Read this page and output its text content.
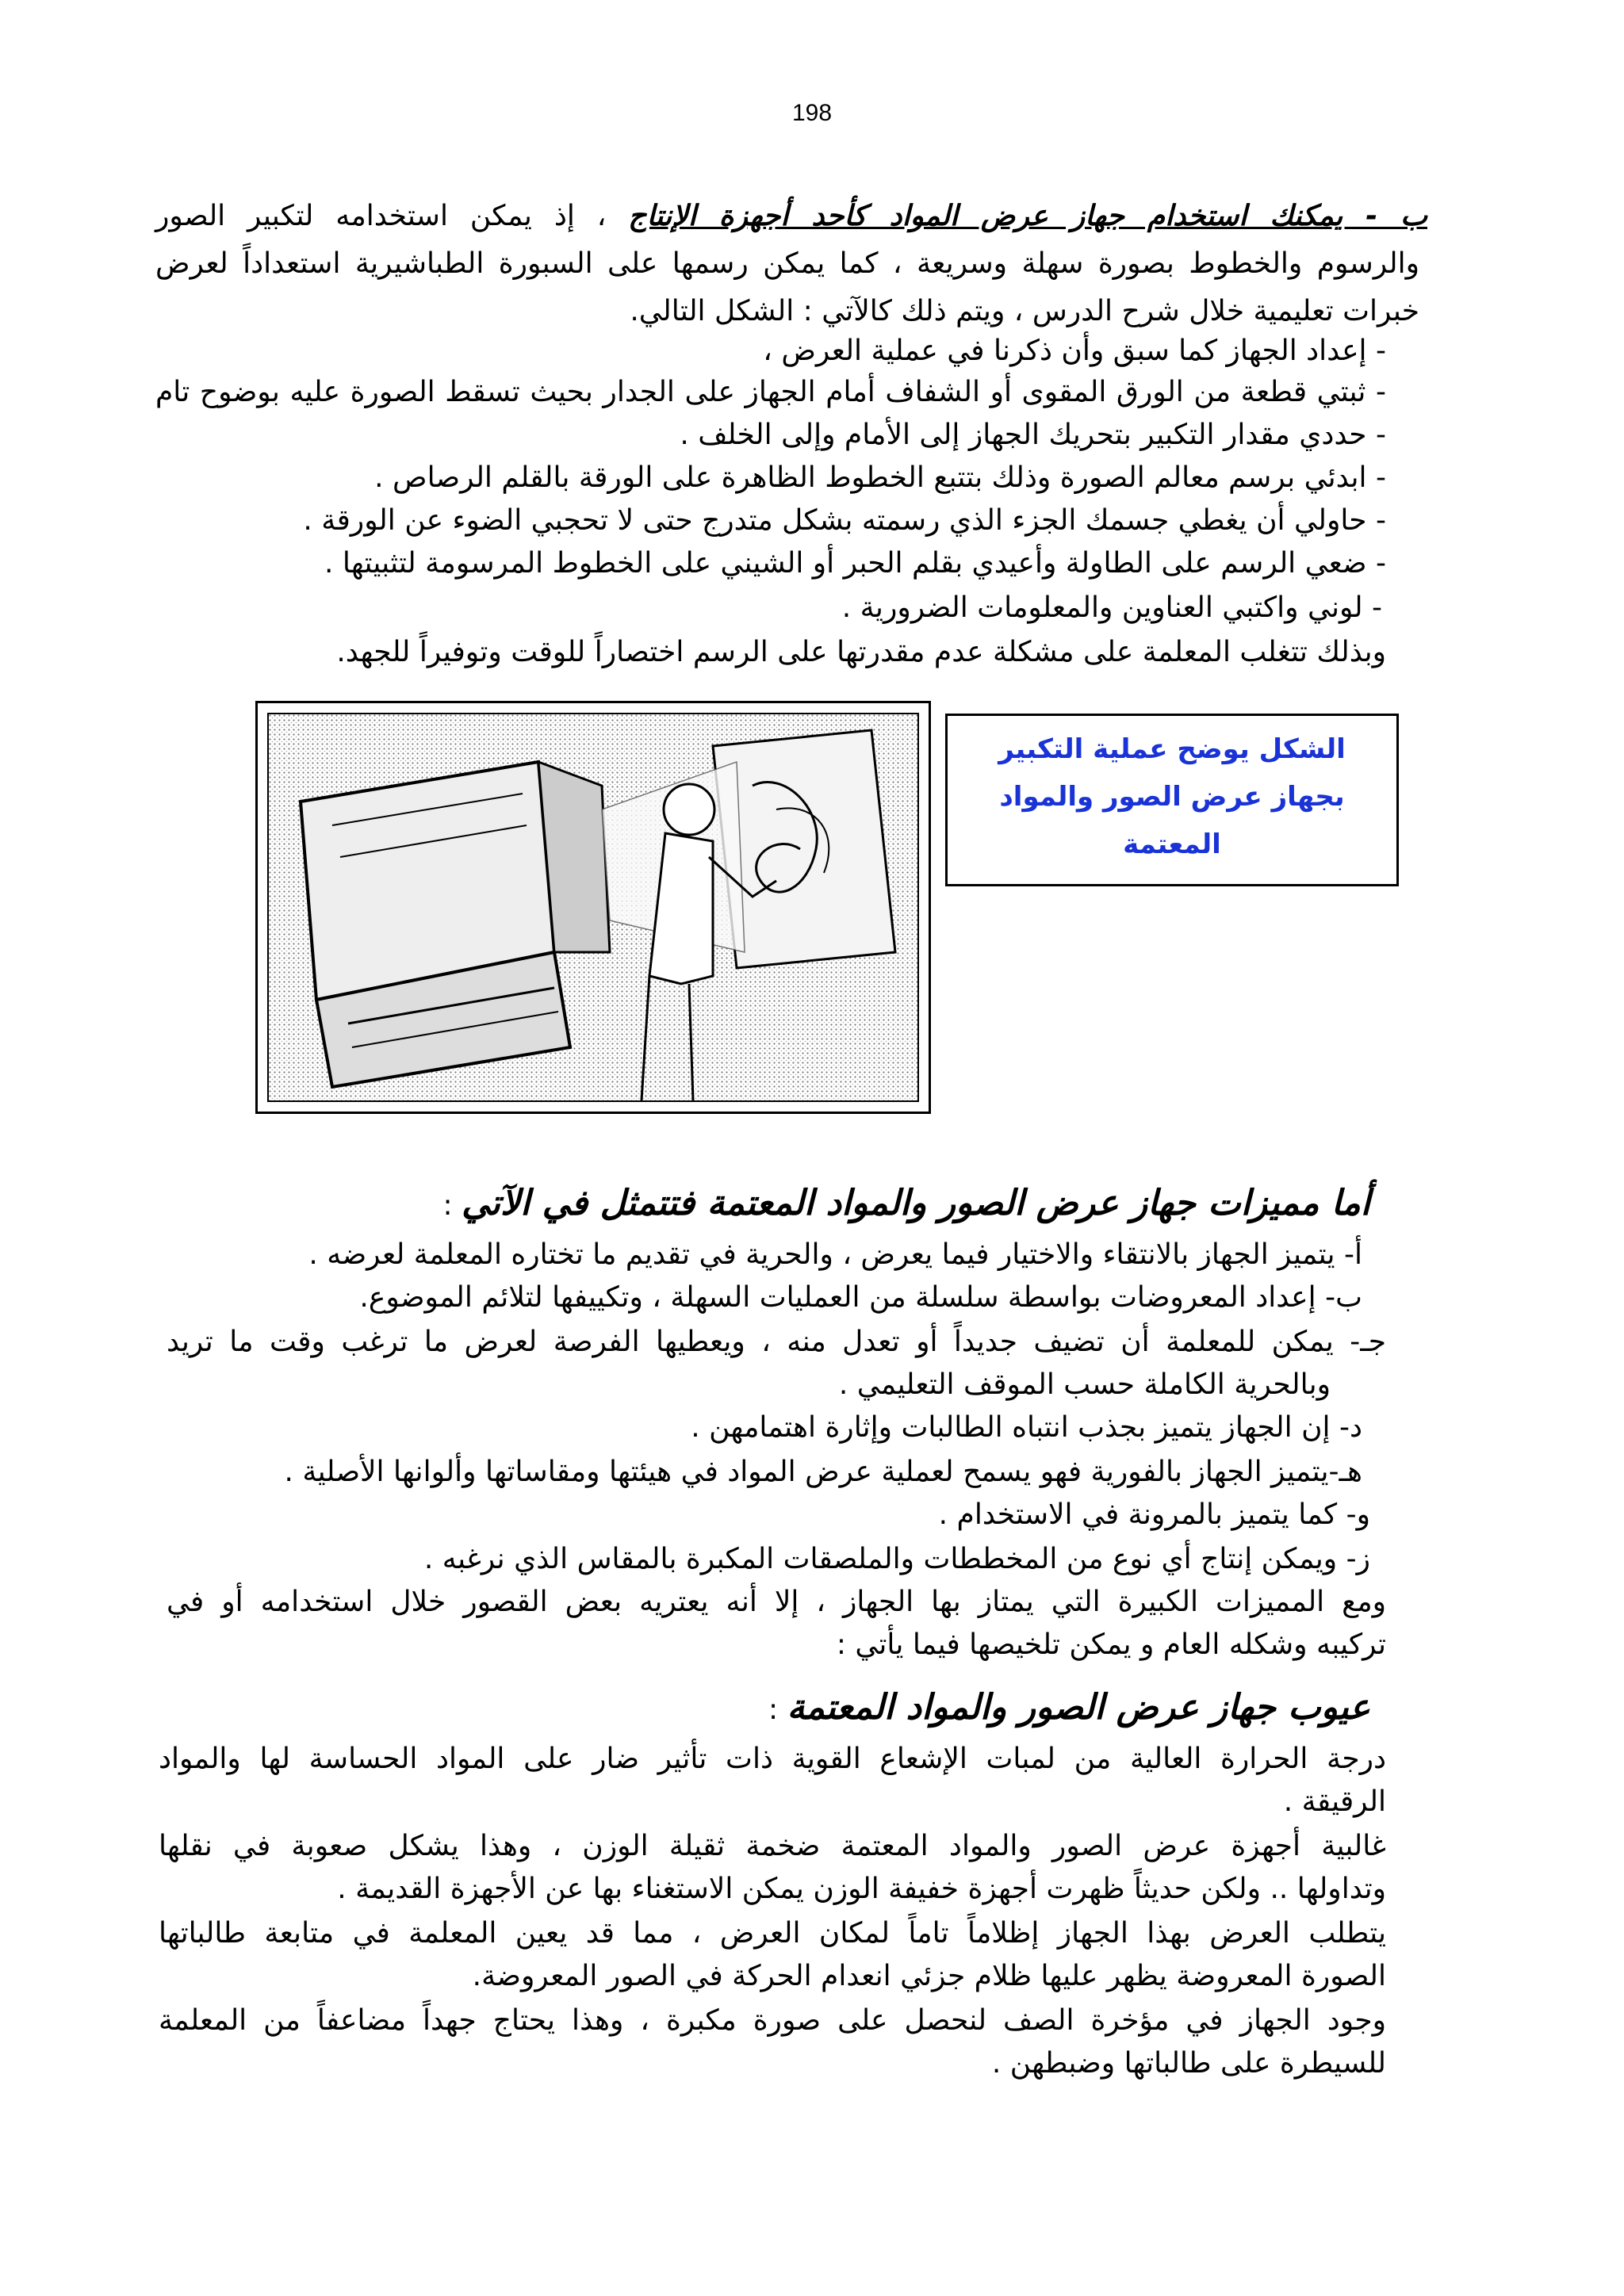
198
ب - يمكنك استخدام جهاز عرض المواد كأحد أجهزة الإنتاج ، إذ يمكن استخدامه لتكبير الصور
والرسوم والخطوط بصورة سهلة وسريعة ، كما يمكن رسمها على السبورة الطباشيرية استعداداً لعرض
خبرات تعليمية خلال شرح الدرس ، ويتم ذلك كالآتي : الشكل التالي.
- إعداد الجهاز كما سبق وأن ذكرنا في عملية العرض ،
- ثبتي قطعة من الورق المقوى أو الشفاف أمام الجهاز على الجدار بحيث تسقط الصورة عليه بوضوح تام
- حددي مقدار التكبير بتحريك الجهاز إلى الأمام وإلى الخلف .
- ابدئي برسم معالم الصورة وذلك بتتبع الخطوط الظاهرة على الورقة بالقلم الرصاص .
- حاولي أن يغطي جسمك الجزء الذي رسمته بشكل متدرج حتى لا تحجبي الضوء عن الورقة .
- ضعي الرسم على الطاولة وأعيدي بقلم الحبر أو الشيني على الخطوط المرسومة لتثبيتها .
- لوني واكتبي العناوين والمعلومات الضرورية .
وبذلك تتغلب المعلمة على مشكلة عدم مقدرتها على الرسم اختصاراً للوقت وتوفيراً للجهد.
الشكل يوضح عملية التكبير
بجهاز عرض الصور والمواد
المعتمة
أما مميزات جهاز عرض الصور والمواد المعتمة فتتمثل في الآتي :
أ- يتميز الجهاز بالانتقاء والاختيار فيما يعرض ، والحرية في تقديم ما تختاره المعلمة لعرضه .
ب- إعداد المعروضات بواسطة سلسلة من العمليات السهلة ، وتكييفها لتلائم الموضوع.
جـ- يمكن للمعلمة أن تضيف جديداً أو تعدل منه ، ويعطيها الفرصة لعرض ما ترغب وقت ما تريد
وبالحرية الكاملة حسب الموقف التعليمي .
د- إن الجهاز يتميز بجذب انتباه الطالبات وإثارة اهتمامهن .
هـ-يتميز الجهاز بالفورية فهو يسمح لعملية عرض المواد في هيئتها ومقاساتها وألوانها الأصلية .
و- كما يتميز بالمرونة في الاستخدام .
ز- ويمكن إنتاج أي نوع من المخططات والملصقات المكبرة بالمقاس الذي نرغبه .
ومع المميزات الكبيرة التي يمتاز بها الجهاز ، إلا أنه يعتريه بعض القصور خلال استخدامه أو في
تركيبه وشكله العام و يمكن تلخيصها فيما يأتي :
عيوب جهاز عرض الصور والمواد المعتمة :
درجة الحرارة العالية من لمبات الإشعاع القوية ذات تأثير ضار على المواد الحساسة لها والمواد
الرقيقة .
غالبية أجهزة عرض الصور والمواد المعتمة ضخمة ثقيلة الوزن ، وهذا يشكل صعوبة في نقلها
وتداولها .. ولكن حديثاً ظهرت أجهزة خفيفة الوزن يمكن الاستغناء بها عن الأجهزة القديمة .
يتطلب العرض بهذا الجهاز إظلاماً تاماً لمكان العرض ، مما قد يعين المعلمة في متابعة طالباتها
الصورة المعروضة يظهر عليها ظلام جزئي انعدام الحركة في الصور المعروضة.
وجود الجهاز في مؤخرة الصف لنحصل على صورة مكبرة ، وهذا يحتاج جهداً مضاعفاً من المعلمة
للسيطرة على طالباتها وضبطهن .
